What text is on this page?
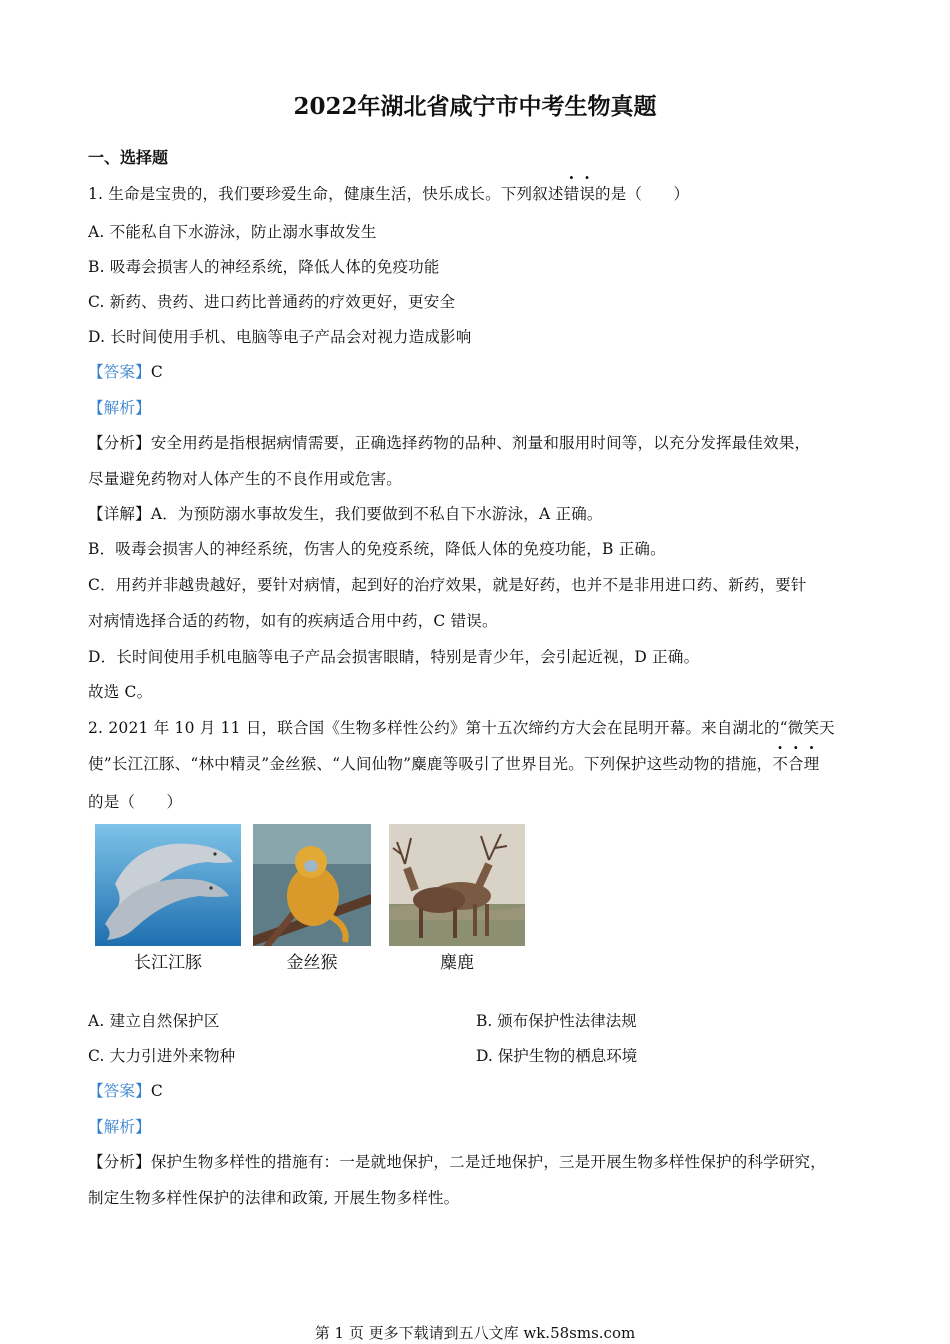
2022年湖北省咸宁市中考生物真题
一、选择题
1. 生命是宝贵的，我们要珍爱生命，健康生活，快乐成长。下列叙述错误的是（　　）
A. 不能私自下水游泳，防止溺水事故发生
B. 吸毒会损害人的神经系统，降低人体的免疫功能
C. 新药、贵药、进口药比普通药的疗效更好，更安全
D. 长时间使用手机、电脑等电子产品会对视力造成影响
【答案】C
【解析】
【分析】安全用药是指根据病情需要，正确选择药物的品种、剂量和服用时间等，以充分发挥最佳效果，
尽量避免药物对人体产生的不良作用或危害。
【详解】A．为预防溺水事故发生，我们要做到不私自下水游泳，A 正确。
B．吸毒会损害人的神经系统，伤害人的免疫系统，降低人体的免疫功能，B 正确。
C．用药并非越贵越好，要针对病情，起到好的治疗效果，就是好药，也并不是非用进口药、新药，要针
对病情选择合适的药物，如有的疾病适合用中药，C 错误。
D．长时间使用手机电脑等电子产品会损害眼睛，特别是青少年，会引起近视，D 正确。
故选 C。
2. 2021 年 10 月 11 日，联合国《生物多样性公约》第十五次缔约方大会在昆明开幕。来自湖北的“微笑天
使”长江江豚、“林中精灵”金丝猴、“人间仙物”麋鹿等吸引了世界目光。下列保护这些动物的措施，不合理
的是（　　）
长江江豚	金丝猴	麋鹿
A. 建立自然保护区	B. 颁布保护性法律法规
C. 大力引进外来物种	D. 保护生物的栖息环境
【答案】C
【解析】
【分析】保护生物多样性的措施有：一是就地保护，二是迁地保护，三是开展生物多样性保护的科学研究，
制定生物多样性保护的法律和政策, 开展生物多样性。
第 1 页 更多下载请到五八文库 wk.58sms.com
